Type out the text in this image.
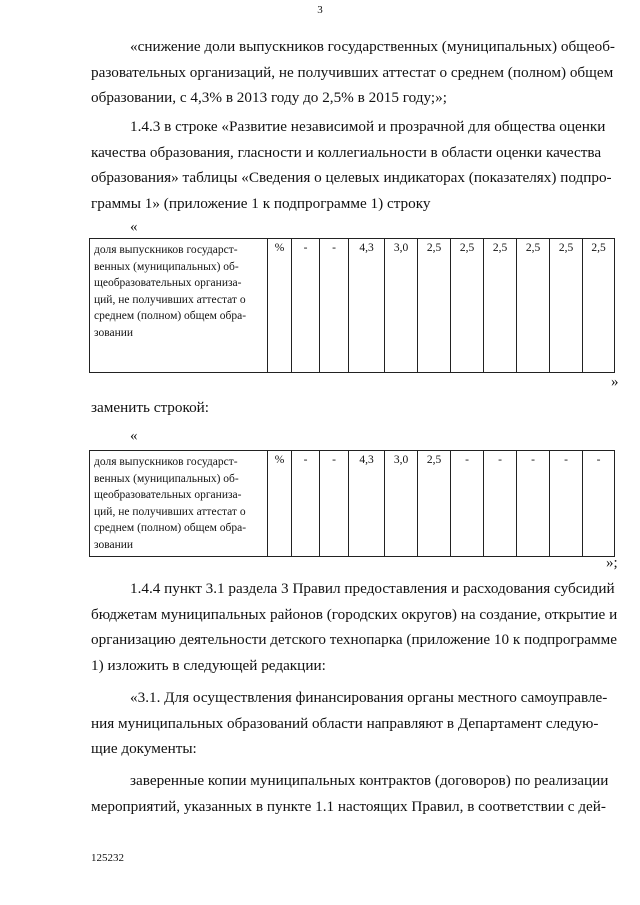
3
«снижение доли выпускников государственных (муниципальных) общеоб-
разовательных организаций, не получивших аттестат о среднем (полном) общем
образовании, с 4,3% в 2013 году до 2,5% в 2015 году;»;
1.4.3 в строке «Развитие независимой и прозрачной для общества оценки
качества образования, гласности и коллегиальности в области оценки качества
образования» таблицы «Сведения о целевых индикаторах (показателях) подпро-
граммы 1» (приложение 1 к подпрограмме 1) строку
«
доля выпускников государст-
венных (муниципальных) об-
щеобразовательных организа-
ций, не получивших аттестат о
среднем (полном) общем обра-
зовании
	%	-	-	4,3	3,0	2,5	2,5	2,5	2,5	2,5	2,5
»
заменить строкой:
«
доля выпускников государст-
венных (муниципальных) об-
щеобразовательных организа-
ций, не получивших аттестат о
среднем (полном) общем обра-
зовании
	%	-	-	4,3	3,0	2,5	-	-	-	-	-
»;
1.4.4 пункт 3.1 раздела 3 Правил предоставления и расходования субсидий
бюджетам муниципальных районов (городских округов) на создание, открытие и
организацию деятельности детского технопарка (приложение 10 к подпрограмме
1) изложить в следующей редакции:
«3.1. Для осуществления финансирования органы местного самоуправле-
ния муниципальных образований области направляют в Департамент следую-
щие документы:
заверенные копии муниципальных контрактов (договоров) по реализации
мероприятий, указанных в пункте 1.1 настоящих Правил, в соответствии с дей-
125232
